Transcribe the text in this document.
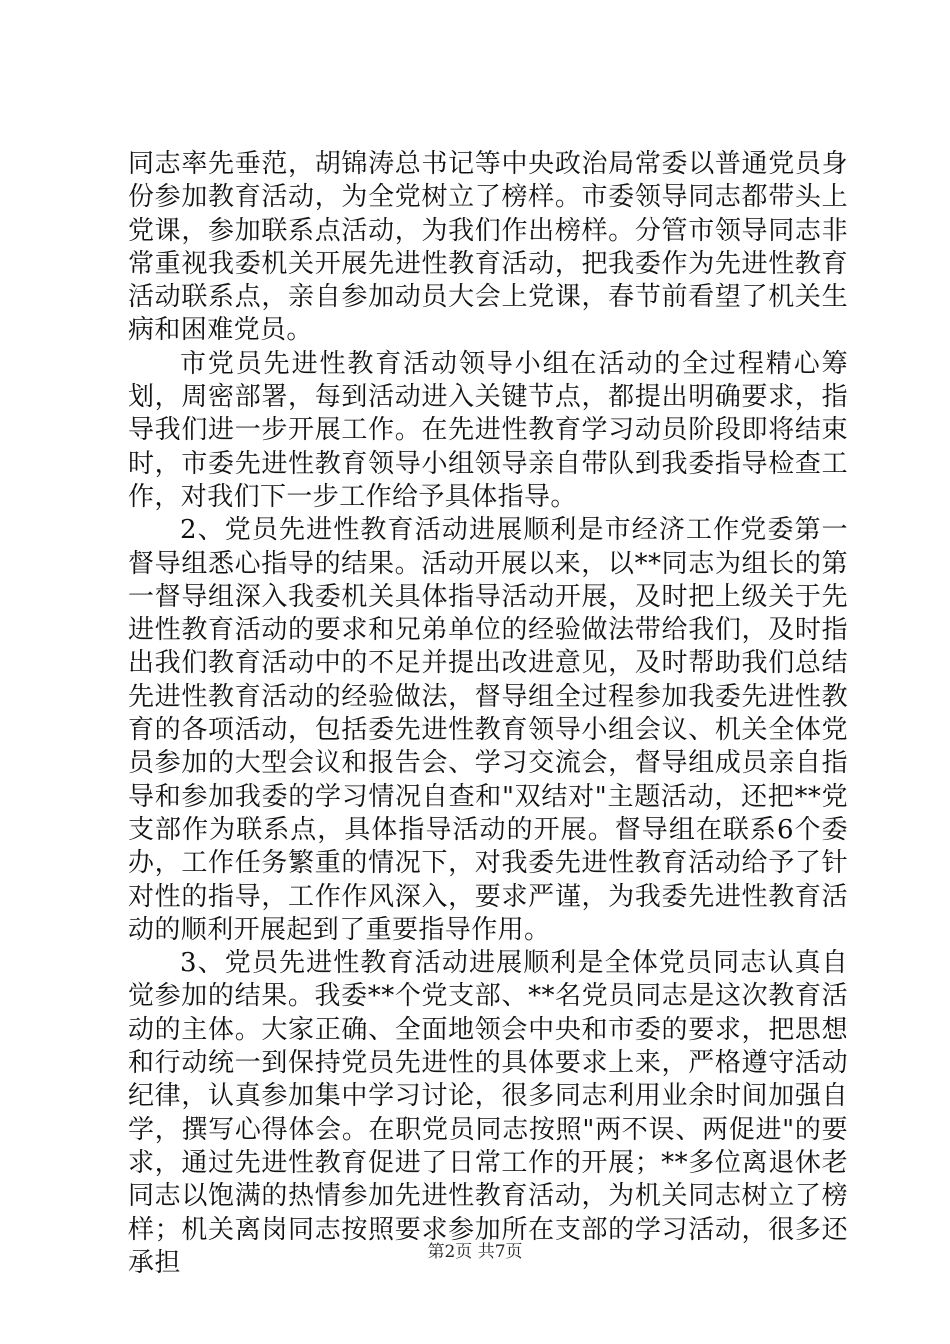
同志率先垂范，胡锦涛总书记等中央政治局常委以普通党员身份参加教育活动，为全党树立了榜样。市委领导同志都带头上党课，参加联系点活动，为我们作出榜样。分管市领导同志非常重视我委机关开展先进性教育活动，把我委作为先进性教育活动联系点，亲自参加动员大会上党课，春节前看望了机关生病和困难党员。

市党员先进性教育活动领导小组在活动的全过程精心筹划，周密部署，每到活动进入关键节点，都提出明确要求，指导我们进一步开展工作。在先进性教育学习动员阶段即将结束时，市委先进性教育领导小组领导亲自带队到我委指导检查工作，对我们下一步工作给予具体指导。

2、党员先进性教育活动进展顺利是市经济工作党委第一督导组悉心指导的结果。活动开展以来，以**同志为组长的第一督导组深入我委机关具体指导活动开展，及时把上级关于先进性教育活动的要求和兄弟单位的经验做法带给我们，及时指出我们教育活动中的不足并提出改进意见，及时帮助我们总结先进性教育活动的经验做法，督导组全过程参加我委先进性教育的各项活动，包括委先进性教育领导小组会议、机关全体党员参加的大型会议和报告会、学习交流会，督导组成员亲自指导和参加我委的学习情况自查和"双结对"主题活动，还把**党支部作为联系点，具体指导活动的开展。督导组在联系6个委办，工作任务繁重的情况下，对我委先进性教育活动给予了针对性的指导，工作作风深入，要求严谨，为我委先进性教育活动的顺利开展起到了重要指导作用。

3、党员先进性教育活动进展顺利是全体党员同志认真自觉参加的结果。我委**个党支部、**名党员同志是这次教育活动的主体。大家正确、全面地领会中央和市委的要求，把思想和行动统一到保持党员先进性的具体要求上来，严格遵守活动纪律，认真参加集中学习讨论，很多同志利用业余时间加强自学，撰写心得体会。在职党员同志按照"两不误、两促进"的要求，通过先进性教育促进了日常工作的开展；**多位离退休老同志以饱满的热情参加先进性教育活动，为机关同志树立了榜样；机关离岗同志按照要求参加所在支部的学习活动，很多还承担	第2页 共7页
